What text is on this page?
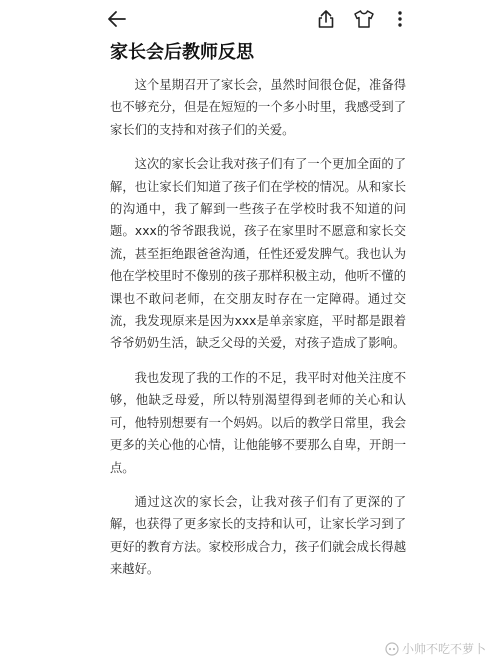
家长会后教师反思

这个星期召开了家长会，虽然时间很仓促，准备得也不够充分，但是在短短的一个多小时里，我感受到了家长们的支持和对孩子们的关爱。

这次的家长会让我对孩子们有了一个更加全面的了解，也让家长们知道了孩子们在学校的情况。从和家长的沟通中，我了解到一些孩子在学校时我不知道的问题。xxx的爷爷跟我说，孩子在家里时不愿意和家长交流，甚至拒绝跟爸爸沟通，任性还爱发脾气。我也认为他在学校里时不像别的孩子那样积极主动，他听不懂的课也不敢问老师，在交朋友时存在一定障碍。通过交流，我发现原来是因为xxx是单亲家庭，平时都是跟着爷爷奶奶生活，缺乏父母的关爱，对孩子造成了影响。

我也发现了我的工作的不足，我平时对他关注度不够，他缺乏母爱，所以特别渴望得到老师的关心和认可，他特别想要有一个妈妈。以后的教学日常里，我会更多的关心他的心情，让他能够不要那么自卑，开朗一点。

通过这次的家长会，让我对孩子们有了更深的了解，也获得了更多家长的支持和认可，让家长学习到了更好的教育方法。家校形成合力，孩子们就会成长得越来越好。

小帅不吃不萝卜
